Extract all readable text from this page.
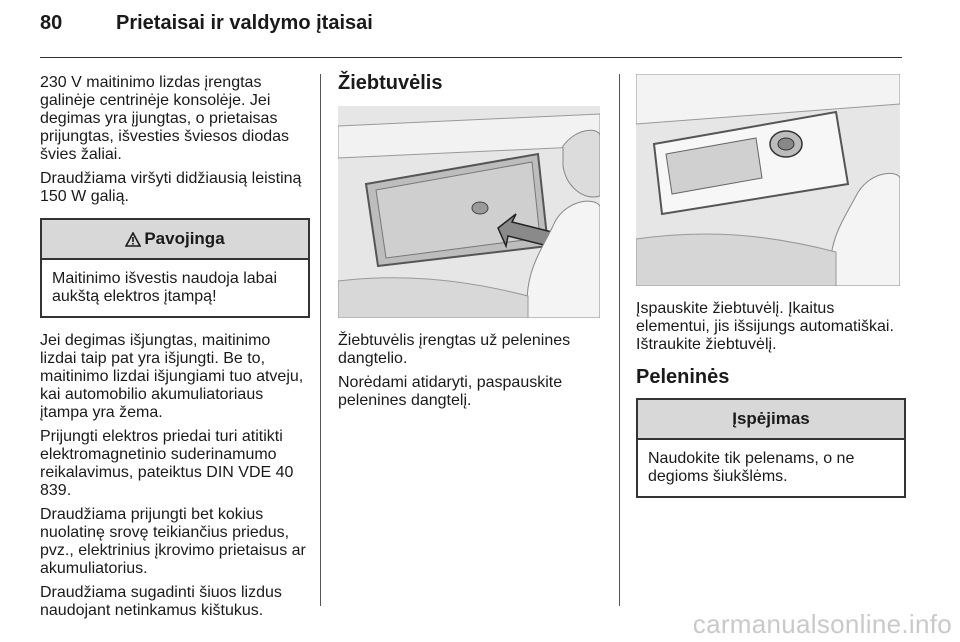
80	Prietaisai ir valdymo įtaisai

230 V maitinimo lizdas įrengtas galinėje centrinėje konsolėje. Jei degimas yra įjungtas, o prietaisas prijungtas, išvesties šviesos diodas švies žaliai.

Draudžiama viršyti didžiausią leistiną 150 W galią.

Pavojinga
Maitinimo išvestis naudoja labai aukštą elektros įtampą!

Jei degimas išjungtas, maitinimo lizdai taip pat yra išjungti. Be to, maitinimo lizdai išjungiami tuo atveju, kai automobilio akumuliatoriaus įtampa yra žema.

Prijungti elektros priedai turi atitikti elektromagnetinio suderinamumo reikalavimus, pateiktus DIN VDE 40 839.

Draudžiama prijungti bet kokius nuolatinę srovę teikiančius priedus, pvz., elektrinius įkrovimo prietaisus ar akumuliatorius.

Draudžiama sugadinti šiuos lizdus naudojant netinkamus kištukus.

Žiebtuvėlis

Žiebtuvėlis įrengtas už pelenines dangtelio.

Norėdami atidaryti, paspauskite pelenines dangtelį.

Įspauskite žiebtuvėlį. Įkaitus elementui, jis išsijungs automatiškai. Ištraukite žiebtuvėlį.

Peleninės
Įspėjimas
Naudokite tik pelenams, o ne degioms šiukšlėms.
carmanualsonline.info
